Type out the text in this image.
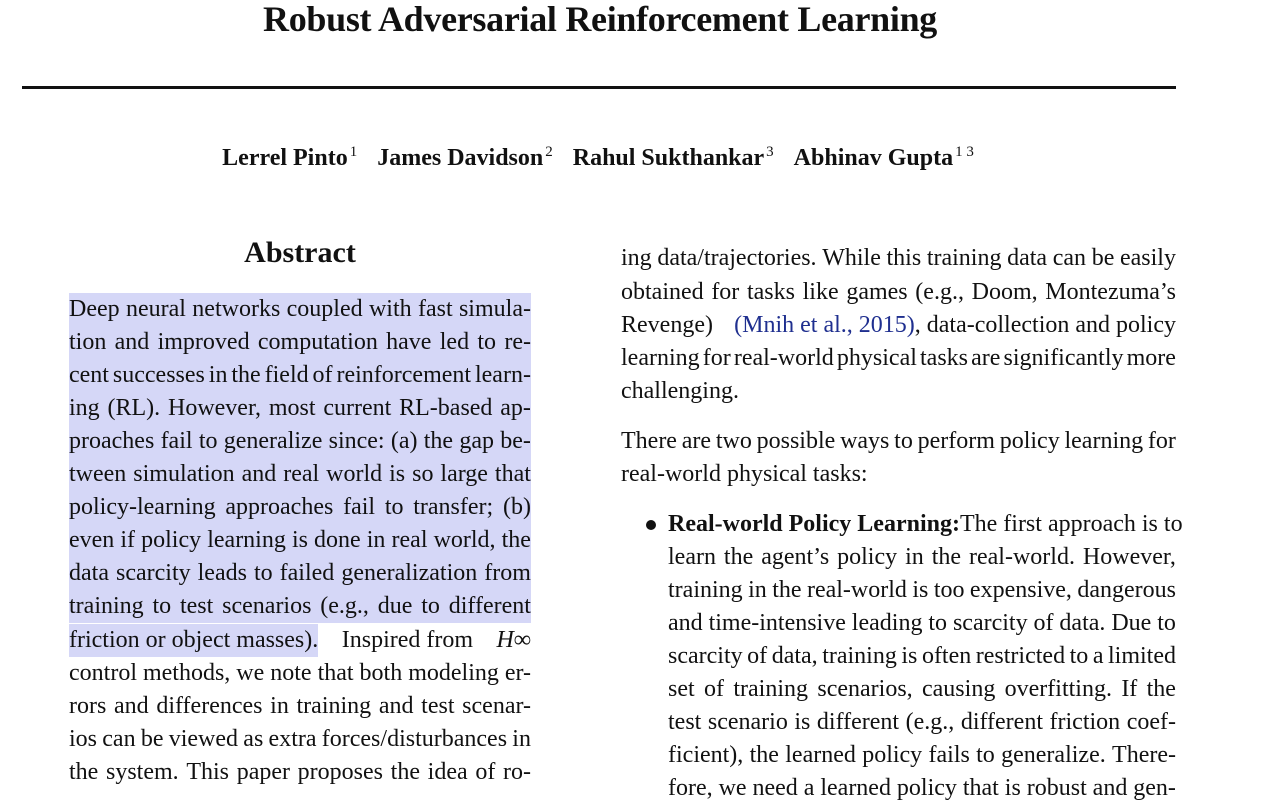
Robust Adversarial Reinforcement Learning
Lerrel Pinto $^1$ James Davidson $^2$ Rahul Sukthankar $^3$ Abhinav Gupta $^{1 3}$
Abstract
Deep neural networks coupled with fast simula-
tion and improved computation have led to re-
cent successes in the field of reinforcement learn-
ing (RL). However, most current RL-based ap-
proaches fail to generalize since: (a) the gap be-
tween simulation and real world is so large that
policy-learning approaches fail to transfer; (b)
even if policy learning is done in real world, the
data scarcity leads to failed generalization from
training to test scenarios (e.g., due to different
friction or object masses). Inspired from H∞
control methods, we note that both modeling er-
rors and differences in training and test scenar-
ios can be viewed as extra forces/disturbances in
the system. This paper proposes the idea of ro-
ing data/trajectories. While this training data can be easily
obtained for tasks like games (e.g., Doom, Montezuma’s
Revenge) (Mnih et al., 2015), data-collection and policy
learning for real-world physical tasks are significantly more
challenging.
There are two possible ways to perform policy learning for
real-world physical tasks:
Real-world Policy Learning: The first approach is to
learn the agent’s policy in the real-world. However,
training in the real-world is too expensive, dangerous
and time-intensive leading to scarcity of data. Due to
scarcity of data, training is often restricted to a limited
set of training scenarios, causing overfitting. If the
test scenario is different (e.g., different friction coef-
ficient), the learned policy fails to generalize. There-
fore, we need a learned policy that is robust and gen-
